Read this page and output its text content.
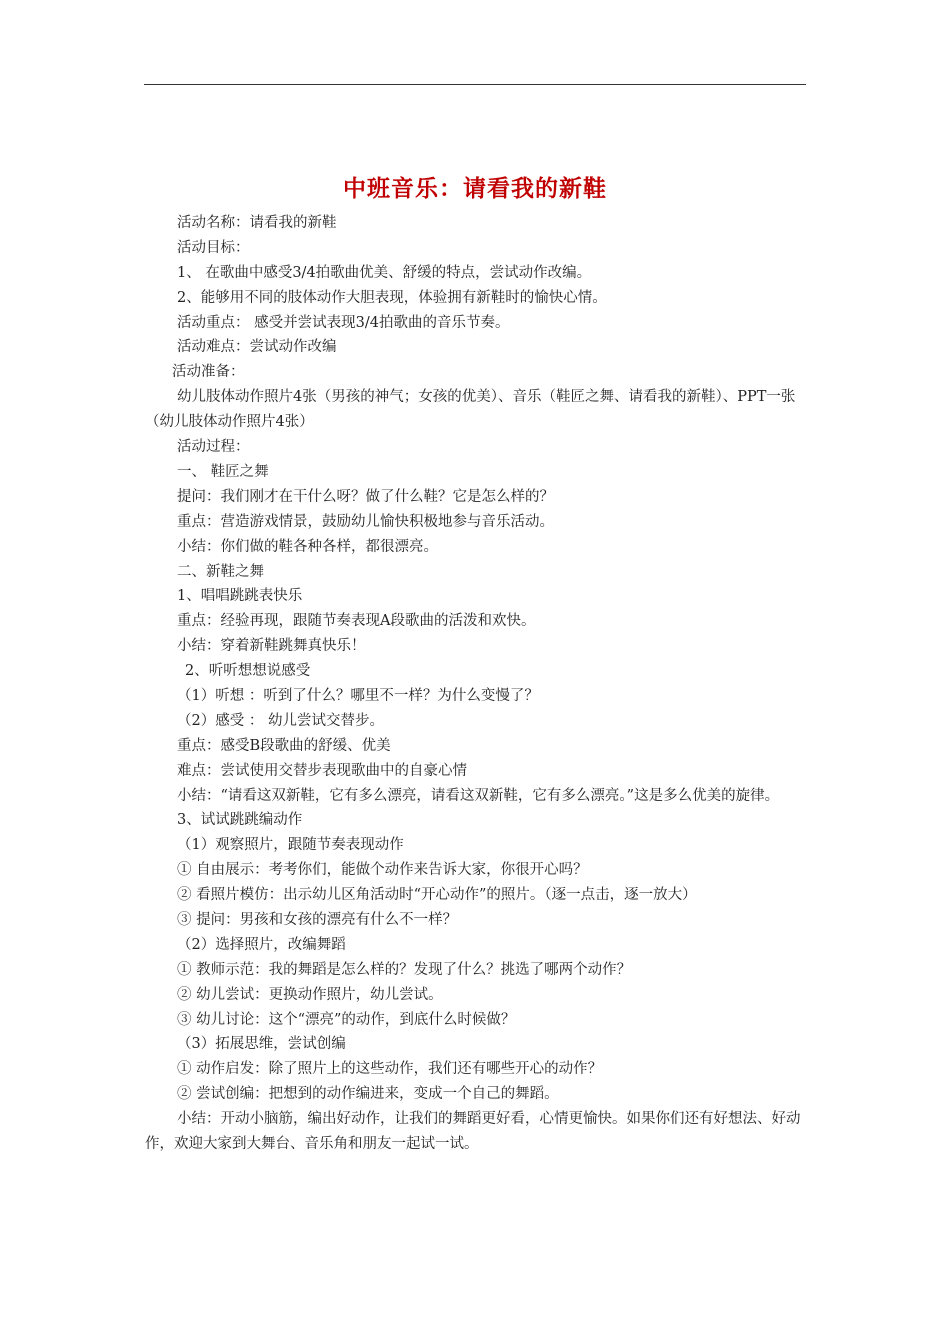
中班音乐：请看我的新鞋
活动名称：请看我的新鞋
活动目标：
1、 在歌曲中感受3/4拍歌曲优美、舒缓的特点，尝试动作改编。
2、能够用不同的肢体动作大胆表现，体验拥有新鞋时的愉快心情。
活动重点： 感受并尝试表现3/4拍歌曲的音乐节奏。
活动难点：尝试动作改编
活动准备：
幼儿肢体动作照片4张（男孩的神气；女孩的优美）、音乐（鞋匠之舞、请看我的新鞋）、PPT一张（幼儿肢体动作照片4张）
活动过程：
一、 鞋匠之舞
提问：我们刚才在干什么呀？做了什么鞋？它是怎么样的？
重点：营造游戏情景，鼓励幼儿愉快积极地参与音乐活动。
小结：你们做的鞋各种各样，都很漂亮。
二、新鞋之舞
1、唱唱跳跳表快乐
重点：经验再现，跟随节奏表现A段歌曲的活泼和欢快。
小结：穿着新鞋跳舞真快乐！
2、听听想想说感受
（1）听想 ：听到了什么？哪里不一样？为什么变慢了？
（2）感受 ： 幼儿尝试交替步。
重点：感受B段歌曲的舒缓、优美
难点：尝试使用交替步表现歌曲中的自豪心情
小结：“请看这双新鞋，它有多么漂亮，请看这双新鞋，它有多么漂亮。”这是多么优美的旋律。
3、试试跳跳编动作
（1）观察照片，跟随节奏表现动作
① 自由展示：考考你们，能做个动作来告诉大家，你很开心吗？
② 看照片模仿：出示幼儿区角活动时“开心动作”的照片。（逐一点击，逐一放大）
③ 提问：男孩和女孩的漂亮有什么不一样？
（2）选择照片，改编舞蹈
① 教师示范：我的舞蹈是怎么样的？发现了什么？挑选了哪两个动作？
② 幼儿尝试：更换动作照片，幼儿尝试。
③ 幼儿讨论：这个“漂亮”的动作，到底什么时候做？
（3）拓展思维，尝试创编
① 动作启发：除了照片上的这些动作，我们还有哪些开心的动作？
② 尝试创编：把想到的动作编进来，变成一个自己的舞蹈。
小结：开动小脑筋，编出好动作，让我们的舞蹈更好看，心情更愉快。如果你们还有好想法、好动作，欢迎大家到大舞台、音乐角和朋友一起试一试。
